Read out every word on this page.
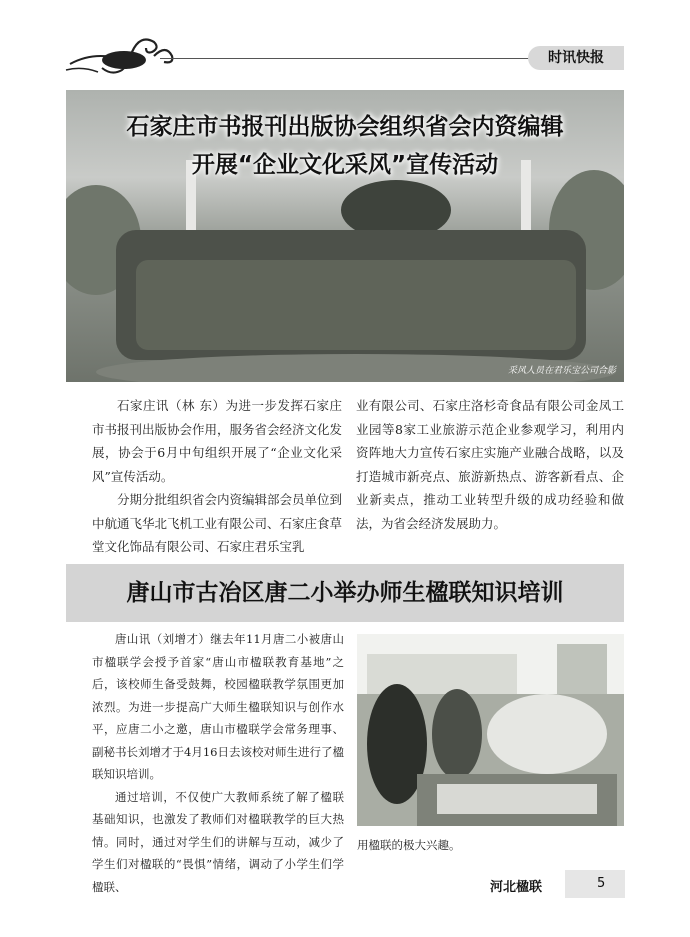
时讯快报
石家庄市书报刊出版协会组织省会内资编辑
开展“企业文化采风”宣传活动
采风人员在君乐宝公司合影

石家庄讯（林 东）为进一步发挥石家庄市书报刊出版协会作用，服务省会经济文化发展，协会于6月中旬组织开展了“企业文化采风”宣传活动。

分期分批组织省会内资编辑部会员单位到中航通飞华北飞机工业有限公司、石家庄食草堂文化饰品有限公司、石家庄君乐宝乳

业有限公司、石家庄洛杉奇食品有限公司金凤工业园等8家工业旅游示范企业参观学习，利用内资阵地大力宣传石家庄实施产业融合战略，以及打造城市新亮点、旅游新热点、游客新看点、企业新卖点，推动工业转型升级的成功经验和做法，为省会经济发展助力。

唐山市古冶区唐二小举办师生楹联知识培训

唐山讯（刘增才）继去年11月唐二小被唐山市楹联学会授予首家“唐山市楹联教育基地”之后，该校师生备受鼓舞，校园楹联教学氛围更加浓烈。为进一步提高广大师生楹联知识与创作水平，应唐二小之邀，唐山市楹联学会常务理事、副秘书长刘增才于4月16日去该校对师生进行了楹联知识培训。

通过培训，不仅使广大教师系统了解了楹联基础知识，也激发了教师们对楹联教学的巨大热情。同时，通过对学生们的讲解与互动，减少了学生们对楹联的“畏惧”情绪，调动了小学生们学楹联、

用楹联的极大兴趣。

河北楹联	5
